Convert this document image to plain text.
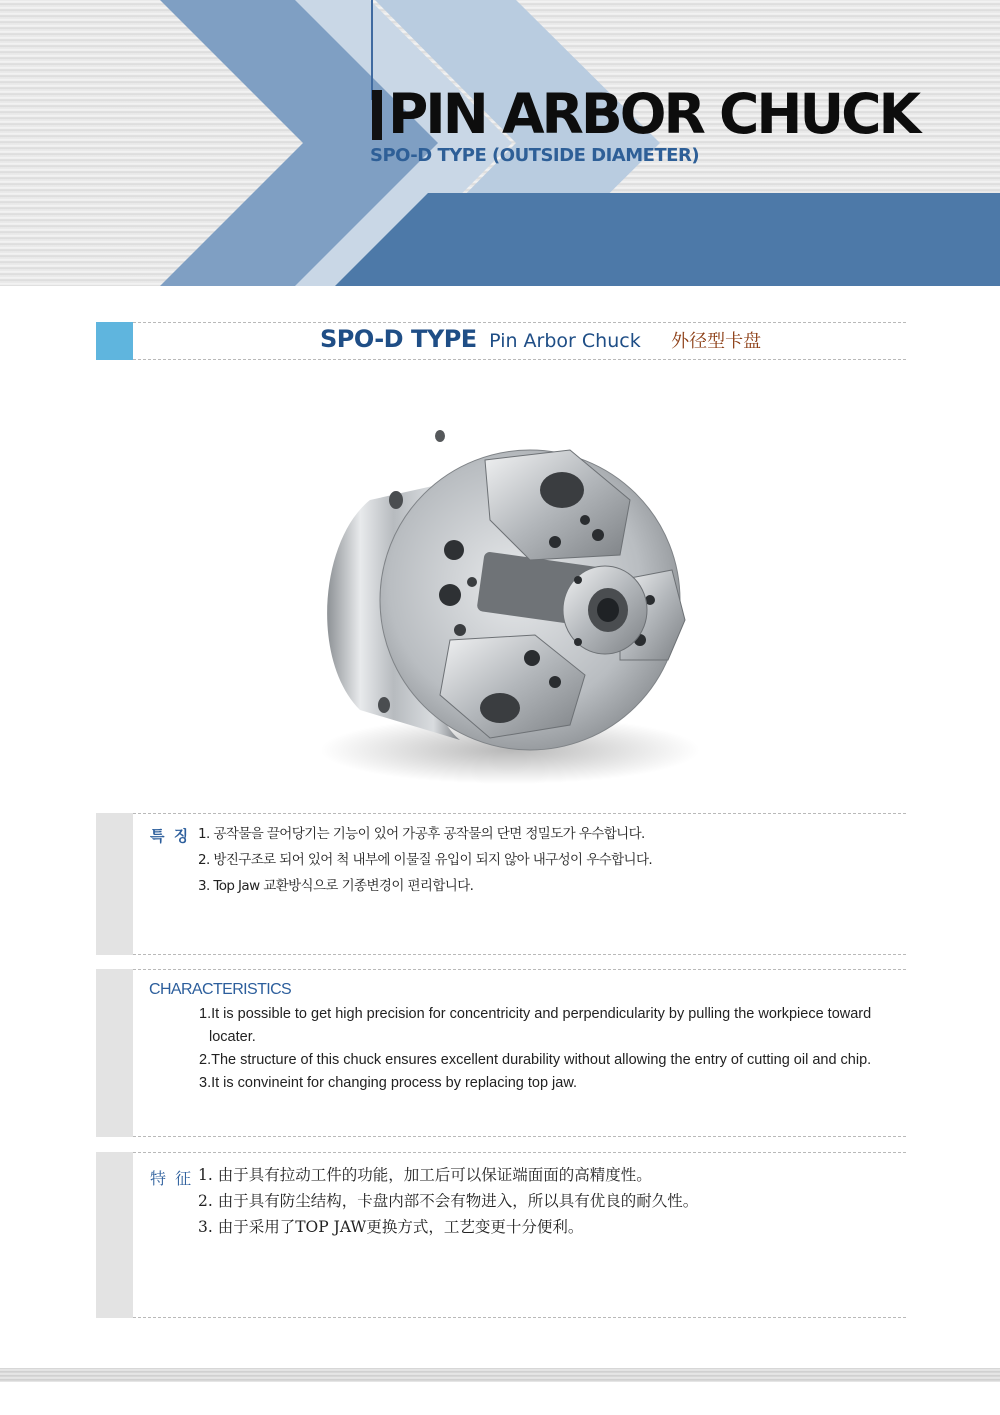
PIN ARBOR CHUCK
SPO-D TYPE (OUTSIDE DIAMETER)
SPO-D TYPE Pin Arbor Chuck 外径型卡盘
특 징 1. 공작물을 끌어당기는 기능이 있어 가공후 공작물의 단면 정밀도가 우수합니다.
2. 방진구조로 되어 있어 척 내부에 이물질 유입이 되지 않아 내구성이 우수합니다.
3. Top Jaw 교환방식으로 기종변경이 편리합니다.
CHARACTERISTICS
1.It is possible to get high precision for concentricity and perpendicularity by pulling the workpiece toward
locater.
2.The structure of this chuck ensures excellent durability without allowing the entry of cutting oil and chip.
3.It is convineint for changing process by replacing top jaw.
特 征 1. 由于具有拉动工件的功能，加工后可以保证端面面的高精度性。
2. 由于具有防尘结构，卡盘内部不会有物进入，所以具有优良的耐久性。
3. 由于采用了TOP JAW更换方式，工艺变更十分便利。
